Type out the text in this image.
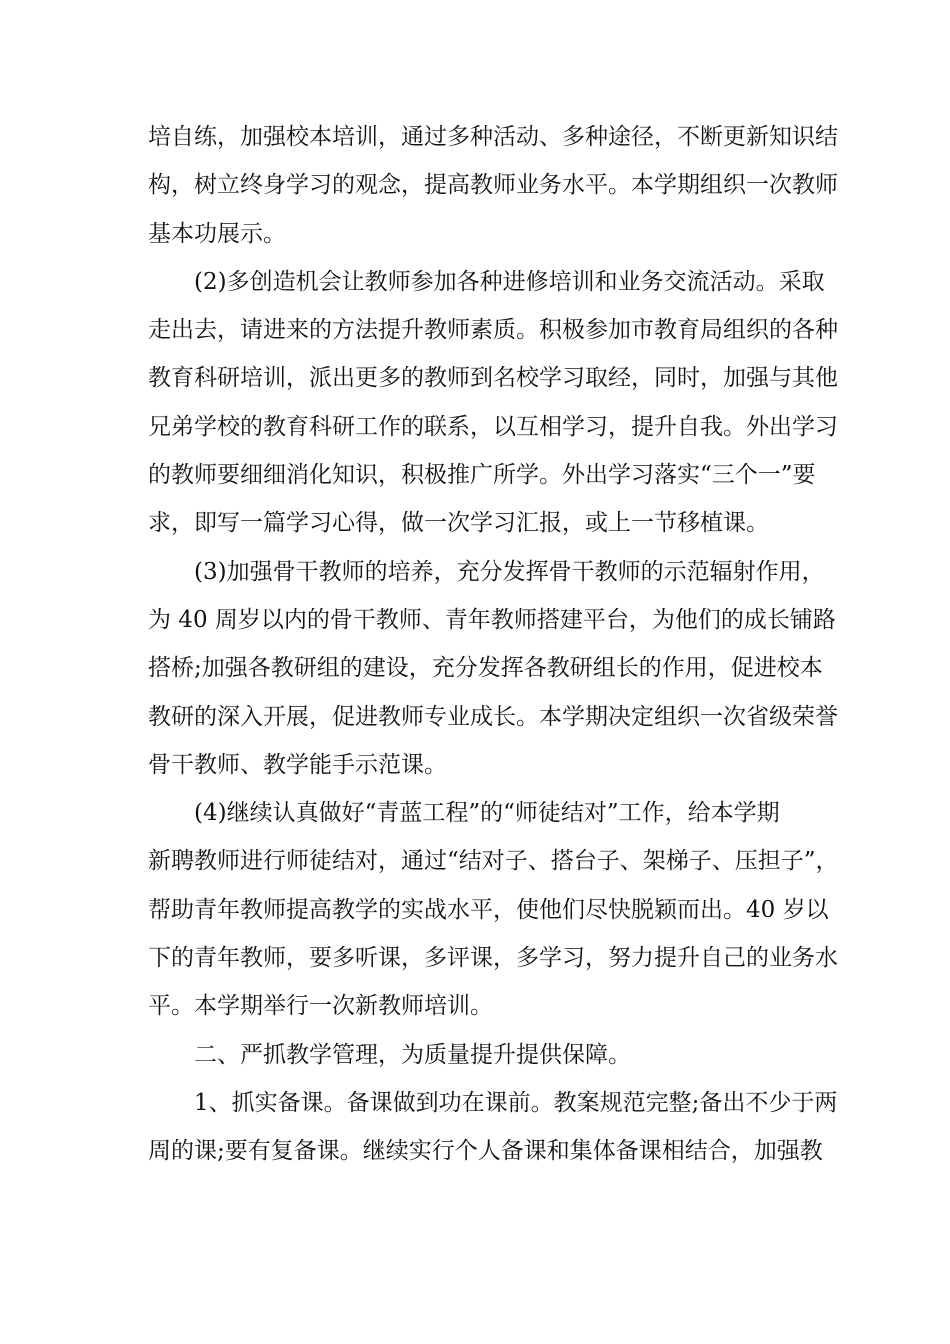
培自练，加强校本培训，通过多种活动、多种途径，不断更新知识结
构，树立终身学习的观念，提高教师业务水平。本学期组织一次教师
基本功展示。
　　(2)多创造机会让教师参加各种进修培训和业务交流活动。采取
走出去，请进来的方法提升教师素质。积极参加市教育局组织的各种
教育科研培训，派出更多的教师到名校学习取经，同时，加强与其他
兄弟学校的教育科研工作的联系，以互相学习，提升自我。外出学习
的教师要细细消化知识，积极推广所学。外出学习落实“三个一”要
求，即写一篇学习心得，做一次学习汇报，或上一节移植课。
　　(3)加强骨干教师的培养，充分发挥骨干教师的示范辐射作用，
为 40 周岁以内的骨干教师、青年教师搭建平台，为他们的成长铺路
搭桥;加强各教研组的建设，充分发挥各教研组长的作用，促进校本
教研的深入开展，促进教师专业成长。本学期决定组织一次省级荣誉
骨干教师、教学能手示范课。
　　(4)继续认真做好“青蓝工程”的“师徒结对”工作，给本学期
新聘教师进行师徒结对，通过“结对子、搭台子、架梯子、压担子”，
帮助青年教师提高教学的实战水平，使他们尽快脱颖而出。40 岁以
下的青年教师，要多听课，多评课，多学习，努力提升自己的业务水
平。本学期举行一次新教师培训。
　　二、严抓教学管理，为质量提升提供保障。
　　1、抓实备课。备课做到功在课前。教案规范完整;备出不少于两
周的课;要有复备课。继续实行个人备课和集体备课相结合，加强教
